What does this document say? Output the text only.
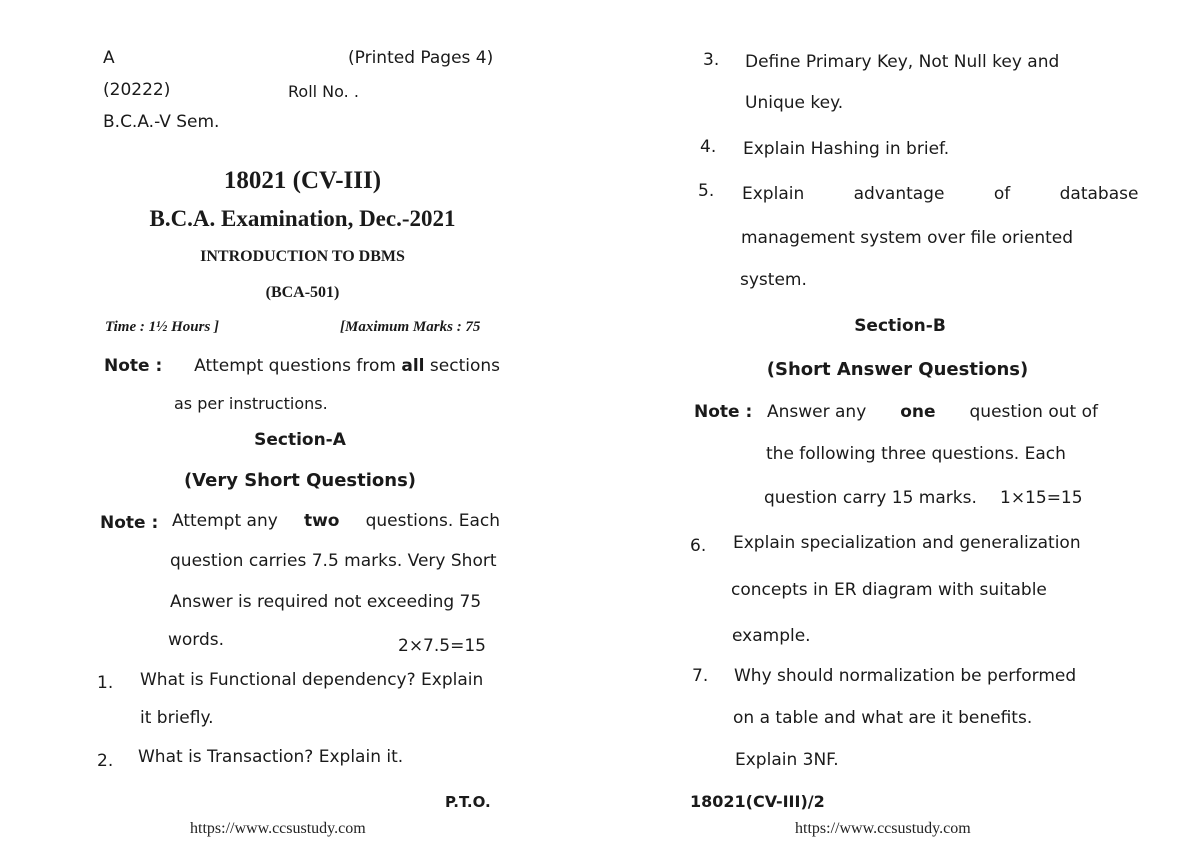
A	(Printed Pages 4)
(20222)	Roll No. .
B.C.A.-V Sem.
18021 (CV-III)
B.C.A. Examination, Dec.-2021
INTRODUCTION TO DBMS
(BCA-501)
Time : 1½ Hours ]	[Maximum Marks : 75
Note : Attempt questions from all sections
as per instructions.
Section-A
(Very Short Questions)
Note : Attempt any two questions. Each
question carries 7.5 marks. Very Short
Answer is required not exceeding 75
words.	2×7.5=15
1. What is Functional dependency? Explain
it briefly.
2. What is Transaction? Explain it.
P.T.O.
https://www.ccsustudy.com
3. Define Primary Key, Not Null key and
Unique key.
4. Explain Hashing in brief.
5. Explain advantage of database
management system over file oriented
system.
Section-B
(Short Answer Questions)
Note : Answer any one question out of
the following three questions. Each
question carry 15 marks. 1×15=15
6. Explain specialization and generalization
concepts in ER diagram with suitable
example.
7. Why should normalization be performed
on a table and what are it benefits.
Explain 3NF.
18021(CV-III)/2
https://www.ccsustudy.com
